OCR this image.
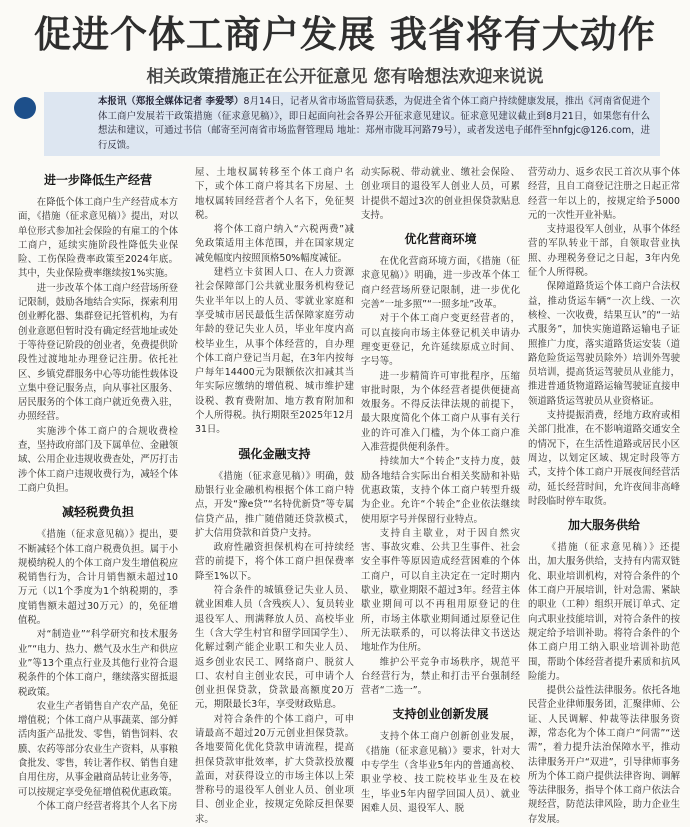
促进个体工商户发展 我省将有大动作
相关政策措施正在公开征意见 您有啥想法欢迎来说说
本报讯（郑报全媒体记者 李爱琴）8月14日，记者从省市场监管局获悉，为促进全省个体工商户持续健康发展，推出《河南省促进个体工商户发展若干政策措施（征求意见稿）》，即日起面向社会各界公开征求意见建议。征求意见建议截止到8月21日，如果您有什么想法和建议，可通过书信（邮寄至河南省市场监督管理局 地址：郑州市陇耳河路79号），或者发送电子邮件至hnfgjc@126.com，进行反馈。
进一步降低生产经营

在降低个体工商户生产经营成本方面，《措施（征求意见稿）》提出，对以单位形式参加社会保险的有雇工的个体工商户，延续实施阶段性降低失业保险、工伤保险费率政策至2024年底。其中，失业保险费率继续按1%实施。

进一步改革个体工商户经营场所登记限制，鼓励各地结合实际，探索利用创业孵化器、集群登记托管机构，为有创业意愿但暂时没有确定经营地址或处于等待登记阶段的创业者，免费提供阶段性过渡地址办理登记注册。依托社区、乡镇党群服务中心等功能性载体设立集中登记服务点，向从事社区服务、居民服务的个体工商户就近免费入驻，办照经营。

实施涉个体工商户的合规收费检查，坚持政府部门及下属单位、金融领域、公用企业违规收费查处，严厉打击涉个体工商户违规收费行为，减轻个体工商户负担。

减轻税费负担

《措施（征求意见稿）》提出，要不断减轻个体工商户税费负担。属于小规模纳税人的个体工商户发生增值税应税销售行为，合计月销售额未超过10万元（以1个季度为1个纳税期的，季度销售额未超过30万元）的，免征增值税。

对“制造业”“科学研究和技术服务业”“电力、热力、燃气及水生产和供应业”等13个重点行业及其他行业符合退税条件的个体工商户，继续落实留抵退税政策。

农业生产者销售自产农产品，免征增值税；个体工商户从事蔬菜、部分鲜活肉蛋产品批发、零售，销售饲料、农膜、农药等部分农业生产资料，从事粮食批发、零售，转让著作权、销售自建自用住房，从事金融商品转让业务等，可以按规定享受免征增值税优惠政策。

个体工商户经营者将其个人名下房

屋、土地权属转移至个体工商户名下，或个体工商户将其名下房屋、土地权属转回经营者个人名下，免征契税。

将个体工商户纳入“六税两费”减免政策适用主体范围，并在国家规定减免幅度内按照顶格50%幅度减征。

建档立卡贫困人口、在人力资源社会保障部门公共就业服务机构登记失业半年以上的人员、零就业家庭和享受城市居民最低生活保障家庭劳动年龄的登记失业人员，毕业年度内高校毕业生，从事个体经营的，自办理个体工商户登记当月起，在3年内按每户每年14400元为限额依次扣减其当年实际应缴纳的增值税、城市维护建设税、教育费附加、地方教育附加和个人所得税。执行期限至2025年12月31日。

强化金融支持

《措施（征求意见稿）》明确，鼓励银行业金融机构根据个体工商户特点，开发“豫e贷”“名特优新贷”等专属信贷产品，推广随借随还贷款模式，扩大信用贷款和首贷户支持。

政府性融资担保机构在可持续经营的前提下，将个体工商户担保费率降至1%以下。

符合条件的城镇登记失业人员、就业困难人员（含残疾人）、复员转业退役军人、刑满释放人员、高校毕业生（含大学生村官和留学回国学生）、化解过剩产能企业职工和失业人员、返乡创业农民工、网络商户、脱贫人口、农村自主创业农民，可申请个人创业担保贷款，贷款最高额度20万元，期限最长3年，享受财政贴息。

对符合条件的个体工商户，可申请最高不超过20万元创业担保贷款。各地要简化优化贷款申请流程，提高担保贷款审批效率，扩大贷款投放覆盖面，对获得设立的市场主体以上荣誉称号的退役军人创业人员、创业项目、创业企业，按规定免除反担保要求。

动实际税、带动就业、缴社会保险、创业项目的退役军人创业人员，可累计提供不超过3次的创业担保贷款贴息支持。

优化营商环境

在优化营商环境方面，《措施（征求意见稿）》明确，进一步改革个体工商户经营场所登记限制，进一步优化完善“一址多照”“一照多址”改革。

对于个体工商户变更经营者的，可以直接向市场主体登记机关申请办理变更登记，允许延续原成立时间、字号等。

进一步精简许可审批程序，压缩审批时限，为个体经营者提供便捷高效服务。不得反法律法规的前提下，最大限度简化个体工商户从事有关行业的许可准入门槛，为个体工商户准入准营提供便利条件。

持续加大“个转企”支持力度，鼓励各地结合实际出台相关奖励和补贴优惠政策，支持个体工商户转型升级为企业。允许“个转企”企业依法继续使用原字号并保留行业特点。

支持自主歇业，对于因自然灾害、事故灾难、公共卫生事件、社会安全事件等原因造成经营困难的个体工商户，可以自主决定在一定时期内歇业，歇业期限不超过3年。经营主体歇业期间可以不再租用原登记的住所，市场主体歇业期间通过原登记住所无法联系的，可以将法律文书送达地址作为住所。

维护公平竞争市场秩序，规范平台经营行为，禁止和打击平台强制经营者“二选一”。

支持创业创新发展

支持个体工商户创新创业发展，《措施（征求意见稿）》要求，针对大中专学生（含毕业5年内的普通高校、职业学校、技工院校毕业生及在校生，毕业5年内留学回国人员）、就业困难人员、退役军人、脱

营劳动力、返乡农民工首次从事个体经营，且自工商登记注册之日起正常经营一年以上的，按规定给予5000元的一次性开业补贴。

支持退役军人创业，从事个体经营的军队转业干部，自领取营业执照、办理税务登记之日起，3年内免征个人所得税。

保障道路货运个体工商户合法权益，推动货运车辆“一次上线、一次核检、一次收费，结果互认”的“一站式服务”，加快实施道路运输电子证照推广力度，落实道路货运安装（道路危险货运驾驶员除外）培训外驾驶员培训，提高货运驾驶员从业能力，推进普通货物道路运输驾驶证直接申领道路货运驾驶员从业资格证。

支持提振消费，经地方政府或相关部门批准，在不影响道路交通安全的情况下，在生活性道路或居民小区周边，以划定区域、规定时段等方式，支持个体工商户开展夜间经营活动，延长经营时间，允许夜间非高峰时段临时停车取货。

加大服务供给

《措施（征求意见稿）》还提出，加大服务供给，支持有内需双链化、职业培训机构，对符合条件的个体工商户开展培训，针对急需、紧缺的职业（工种）组织开展订单式、定向式职业技能培训，对符合条件的按规定给予培训补助。将符合条件的个体工商户用工纳入职业培训补助范围，帮助个体经营者提升素质和抗风险能力。

提供公益性法律服务。依托各地民营企业律师服务团，汇聚律师、公证、人民调解、仲裁等法律服务资源，常态化为个体工商户“问需”“送需”，着力提升法治保障水平，推动法律服务开户“双进”，引导律师事务所为个体工商户提供法律咨询、调解等法律服务，指导个体工商户依法合规经营，防范法律风险，助力企业生存发展。
